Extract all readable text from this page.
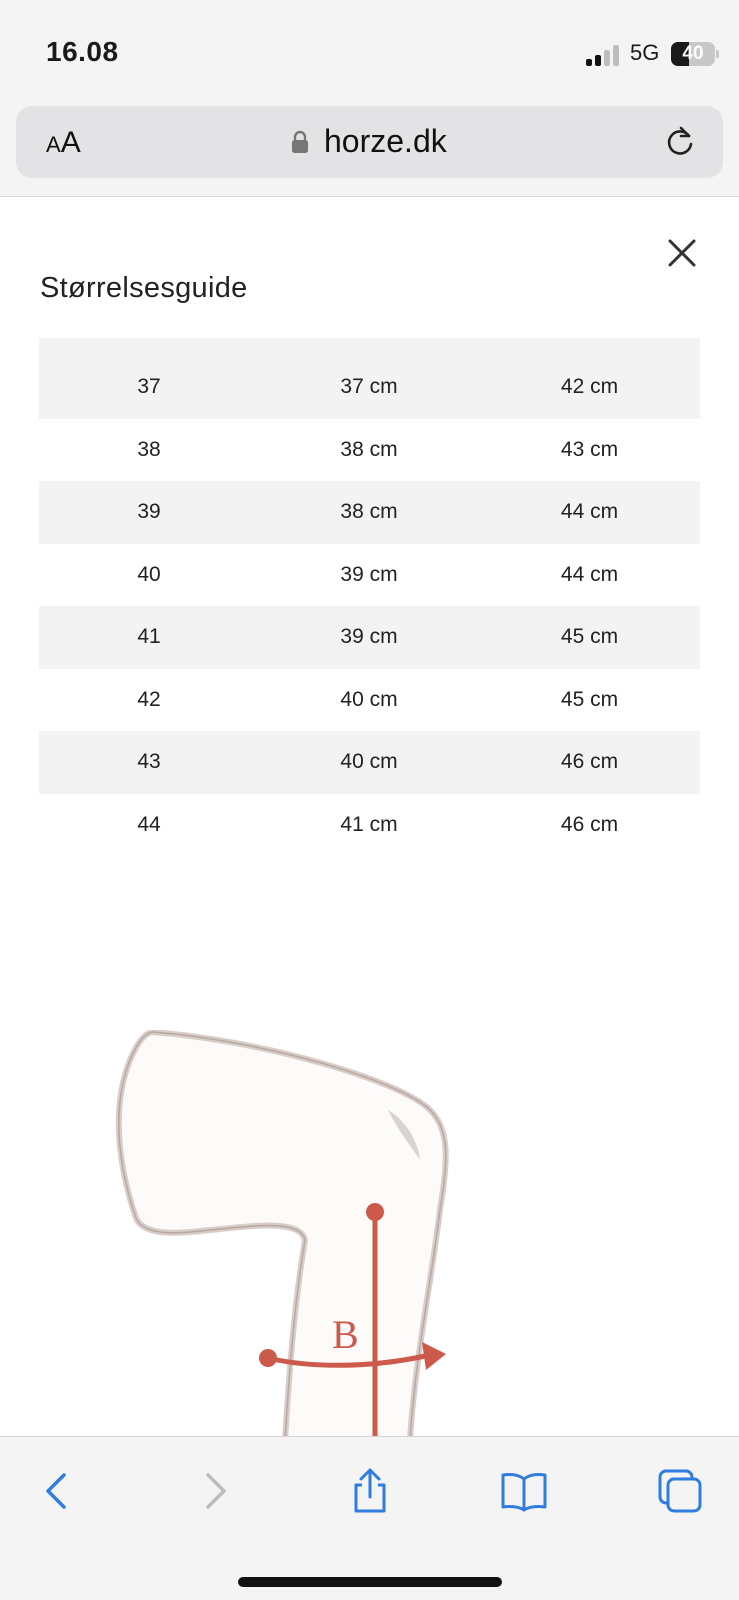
16.08	5G	40
AA	horze.dk
Størrelsesguide
37	37 cm	42 cm
38	38 cm	43 cm
39	38 cm	44 cm
40	39 cm	44 cm
41	39 cm	45 cm
42	40 cm	45 cm
43	40 cm	46 cm
44	41 cm	46 cm
B
